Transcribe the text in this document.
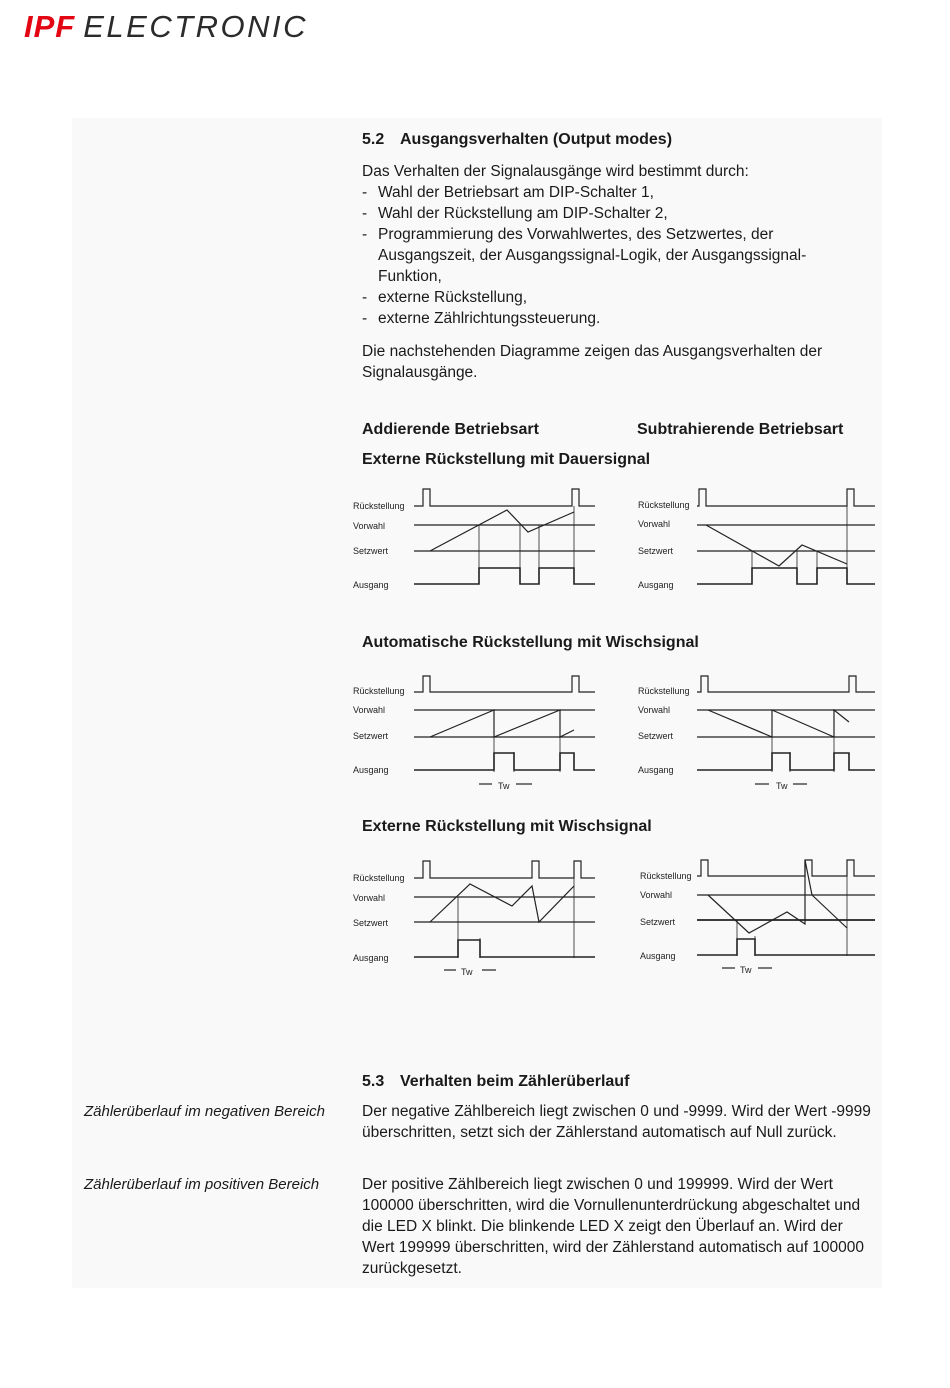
IPF ELECTRONIC
5.2 Ausgangsverhalten (Output modes)
Das Verhalten der Signalausgänge wird bestimmt durch:
- Wahl der Betriebsart am DIP-Schalter 1,
- Wahl der Rückstellung am DIP-Schalter 2,
- Programmierung des Vorwahlwertes, des Setzwertes, der Ausgangszeit, der Ausgangssignal-Logik, der Ausgangssignal-Funktion,
- externe Rückstellung,
- externe Zählrichtungssteuerung.
Die nachstehenden Diagramme zeigen das Ausgangsverhalten der Signalausgänge.
Addierende Betriebsart	Subtrahierende Betriebsart
Externe Rückstellung mit Dauersignal
Automatische Rückstellung mit Wischsignal
Externe Rückstellung mit Wischsignal
Rückstellung
Vorwahl
Setzwert
Ausgang
Rückstellung
Vorwahl
Setzwert
Ausgang
Rückstellung
Vorwahl
Setzwert
Ausgang
Tw
Rückstellung
Vorwahl
Setzwert
Ausgang
Tw
Rückstellung
Vorwahl
Setzwert
Ausgang
Tw
Rückstellung
Vorwahl
Setzwert
Ausgang
Tw
5.3 Verhalten beim Zählerüberlauf
Zählerüberlauf im negativen Bereich Der negative Zählbereich liegt zwischen 0 und -9999. Wird der Wert -9999 überschritten, setzt sich der Zählerstand automatisch auf Null zurück.
Zählerüberlauf im positiven Bereich	Der positive Zählbereich liegt zwischen 0 und 199999. Wird der Wert 100000 überschritten, wird die Vornullenunterdrückung abgeschaltet und die LED X blinkt. Die blinkende LED X zeigt den Überlauf an. Wird der Wert 199999 überschritten, wird der Zählerstand automatisch auf 100000 zurückgesetzt.
